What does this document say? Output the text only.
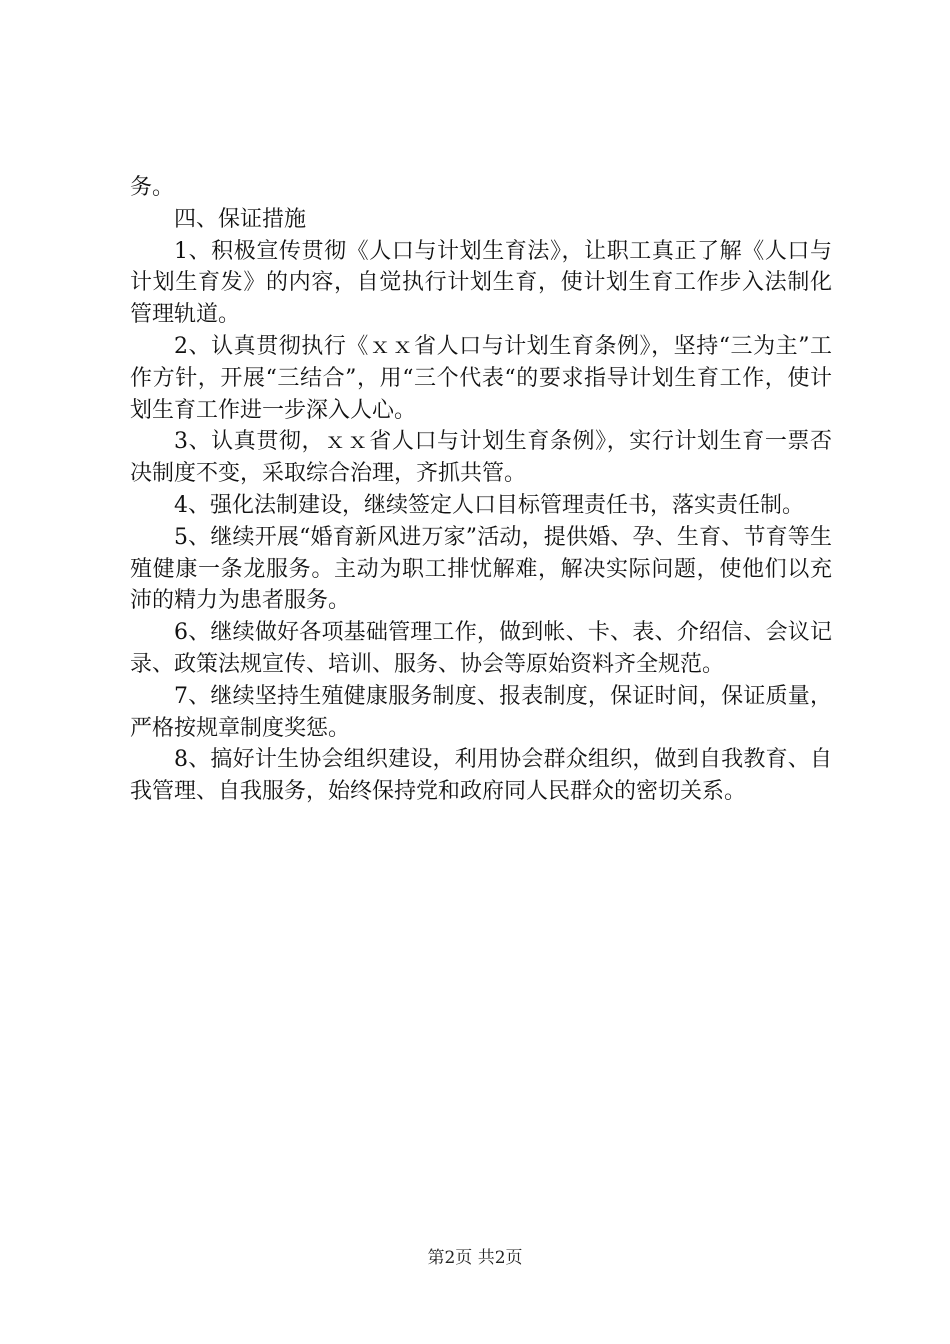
务。

四、保证措施

1、积极宣传贯彻《人口与计划生育法》，让职工真正了解《人口与计划生育发》的内容，自觉执行计划生育，使计划生育工作步入法制化管理轨道。

2、认真贯彻执行《ｘｘ省人口与计划生育条例》，坚持“三为主”工作方针，开展“三结合”，用“三个代表“的要求指导计划生育工作，使计划生育工作进一步深入人心。

3、认真贯彻，ｘｘ省人口与计划生育条例》，实行计划生育一票否决制度不变，采取综合治理，齐抓共管。

4、强化法制建设，继续签定人口目标管理责任书，落实责任制。

5、继续开展“婚育新风进万家”活动，提供婚、孕、生育、节育等生殖健康一条龙服务。主动为职工排忧解难，解决实际问题，使他们以充沛的精力为患者服务。

6、继续做好各项基础管理工作，做到帐、卡、表、介绍信、会议记录、政策法规宣传、培训、服务、协会等原始资料齐全规范。

7、继续坚持生殖健康服务制度、报表制度，保证时间，保证质量，严格按规章制度奖惩。

8、搞好计生协会组织建设，利用协会群众组织，做到自我教育、自我管理、自我服务，始终保持党和政府同人民群众的密切关系。

第2页 共2页
